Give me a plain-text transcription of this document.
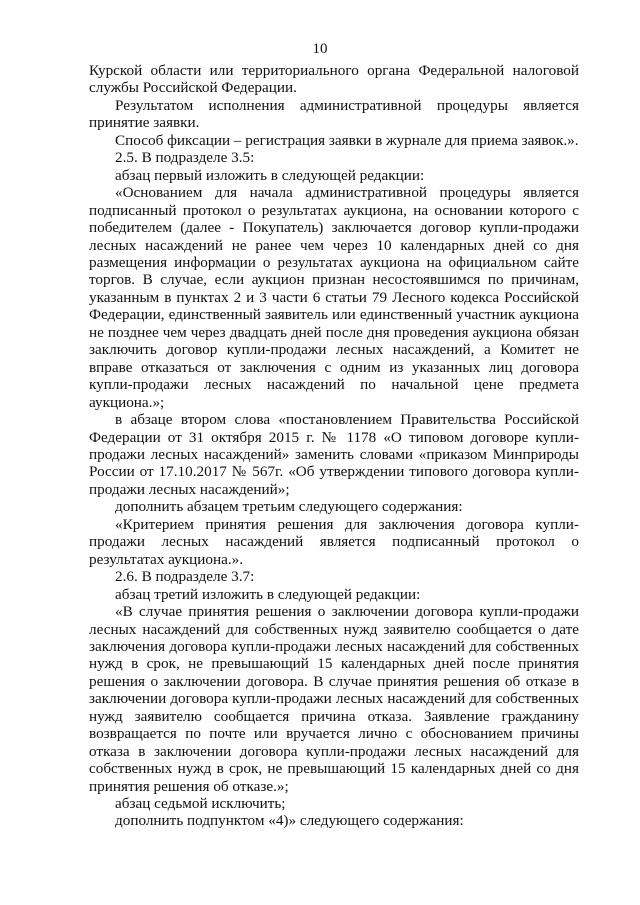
10

Курской области или территориального органа Федеральной налоговой службы Российской Федерации.

Результатом исполнения административной процедуры является принятие заявки.

Способ фиксации – регистрация заявки в журнале для приема заявок.».

2.5. В подразделе 3.5:

абзац первый изложить в следующей редакции:

«Основанием для начала административной процедуры является подписанный протокол о результатах аукциона, на основании которого с победителем (далее - Покупатель) заключается договор купли-продажи лесных насаждений не ранее чем через 10 календарных дней со дня размещения информации о результатах аукциона на официальном сайте торгов. В случае, если аукцион признан несостоявшимся по причинам, указанным в пунктах 2 и 3 части 6 статьи 79 Лесного кодекса Российской Федерации, единственный заявитель или единственный участник аукциона не позднее чем через двадцать дней после дня проведения аукциона обязан заключить договор купли-продажи лесных насаждений, а Комитет не вправе отказаться от заключения с одним из указанных лиц договора купли-продажи лесных насаждений по начальной цене предмета аукциона.»;

в абзаце втором слова «постановлением Правительства Российской Федерации от 31 октября 2015 г. № 1178 «О типовом договоре купли-продажи лесных насаждений» заменить словами «приказом Минприроды России от 17.10.2017 № 567г. «Об утверждении типового договора купли-продажи лесных насаждений»;

дополнить абзацем третьим следующего содержания:

«Критерием принятия решения для заключения договора купли-продажи лесных насаждений является подписанный протокол о результатах аукциона.».

2.6. В подразделе 3.7:

абзац третий изложить в следующей редакции:

«В случае принятия решения о заключении договора купли-продажи лесных насаждений для собственных нужд заявителю сообщается о дате заключения договора купли-продажи лесных насаждений для собственных нужд в срок, не превышающий 15 календарных дней после принятия решения о заключении договора. В случае принятия решения об отказе в заключении договора купли-продажи лесных насаждений для собственных нужд заявителю сообщается причина отказа. Заявление гражданину возвращается по почте или вручается лично с обоснованием причины отказа в заключении договора купли-продажи лесных насаждений для собственных нужд в срок, не превышающий 15 календарных дней со дня принятия решения об отказе.»;

абзац седьмой исключить;

дополнить подпунктом «4)» следующего содержания:
